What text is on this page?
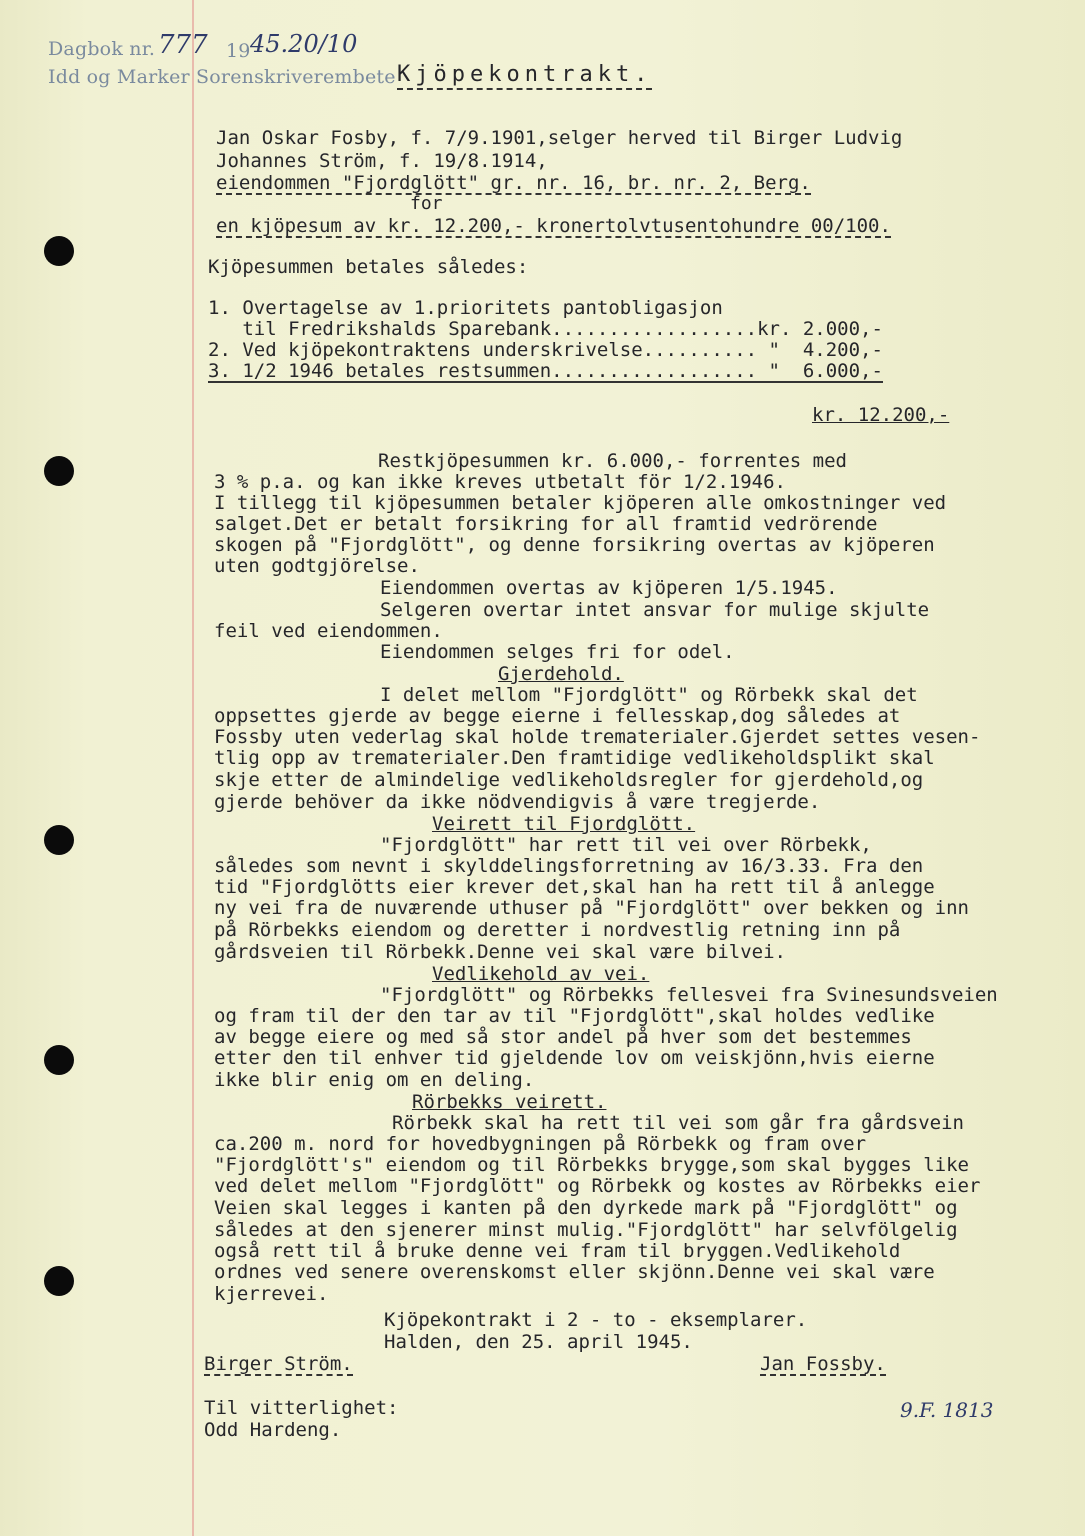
Dagbok nr. 777 19 45.20/10
Idd og Marker Sorenskriverembete Kjöpekontrakt.
Jan Oskar Fosby, f. 7/9.1901,selger herved til Birger Ludvig
Johannes Ström, f. 19/8.1914,
eiendommen "Fjordglött" gr. nr. 16, br. nr. 2, Berg.
for
en kjöpesum av kr. 12.200,- kronertolvtusentohundre 00/100.
Kjöpesummen betales således:
1. Overtagelse av 1.prioritets pantobligasjon
til Fredrikshalds Sparebank..................kr. 2.000,-
2. Ved kjöpekontraktens underskrivelse.......... "  4.200,-
3. 1/2 1946 betales restsummen.................. "  6.000,-
kr. 12.200,-
Restkjöpesummen kr. 6.000,- forrentes med
3 % p.a. og kan ikke kreves utbetalt för 1/2.1946.
I tillegg til kjöpesummen betaler kjöperen alle omkostninger ved
salget.Det er betalt forsikring for all framtid vedrörende
skogen på "Fjordglött", og denne forsikring overtas av kjöperen
uten godtgjörelse.
Eiendommen overtas av kjöperen 1/5.1945.
Selgeren overtar intet ansvar for mulige skjulte
feil ved eiendommen.
Eiendommen selges fri for odel.
Gjerdehold.
I delet mellom "Fjordglött" og Rörbekk skal det
oppsettes gjerde av begge eierne i fellesskap,dog således at
Fossby uten vederlag skal holde trematerialer.Gjerdet settes vesen-
tlig opp av trematerialer.Den framtidige vedlikeholdsplikt skal
skje etter de almindelige vedlikeholdsregler for gjerdehold,og
gjerde behöver da ikke nödvendigvis å være tregjerde.
Veirett til Fjordglött.
"Fjordglött" har rett til vei over Rörbekk,
således som nevnt i skylddelingsforretning av 16/3.33. Fra den
tid "Fjordglötts eier krever det,skal han ha rett til å anlegge
ny vei fra de nuværende uthuser på "Fjordglött" over bekken og inn
på Rörbekks eiendom og deretter i nordvestlig retning inn på
gårdsveien til Rörbekk.Denne vei skal være bilvei.
Vedlikehold av vei.
"Fjordglött" og Rörbekks fellesvei fra Svinesundsveien
og fram til der den tar av til "Fjordglött",skal holdes vedlike
av begge eiere og med så stor andel på hver som det bestemmes
etter den til enhver tid gjeldende lov om veiskjönn,hvis eierne
ikke blir enig om en deling.
Rörbekks veirett.
Rörbekk skal ha rett til vei som går fra gårdsvein
ca.200 m. nord for hovedbygningen på Rörbekk og fram over
"Fjordglött's" eiendom og til Rörbekks brygge,som skal bygges like
ved delet mellom "Fjordglött" og Rörbekk og kostes av Rörbekks eier
Veien skal legges i kanten på den dyrkede mark på "Fjordglött" og
således at den sjenerer minst mulig."Fjordglött" har selvfölgelig
også rett til å bruke denne vei fram til bryggen.Vedlikehold
ordnes ved senere overenskomst eller skjönn.Denne vei skal være
kjerrevei.
Kjöpekontrakt i 2 - to - eksemplarer.
Halden, den 25. april 1945.
Birger Ström.	Jan Fossby.
Til vitterlighet:
Odd Hardeng.
9.F. 1813
